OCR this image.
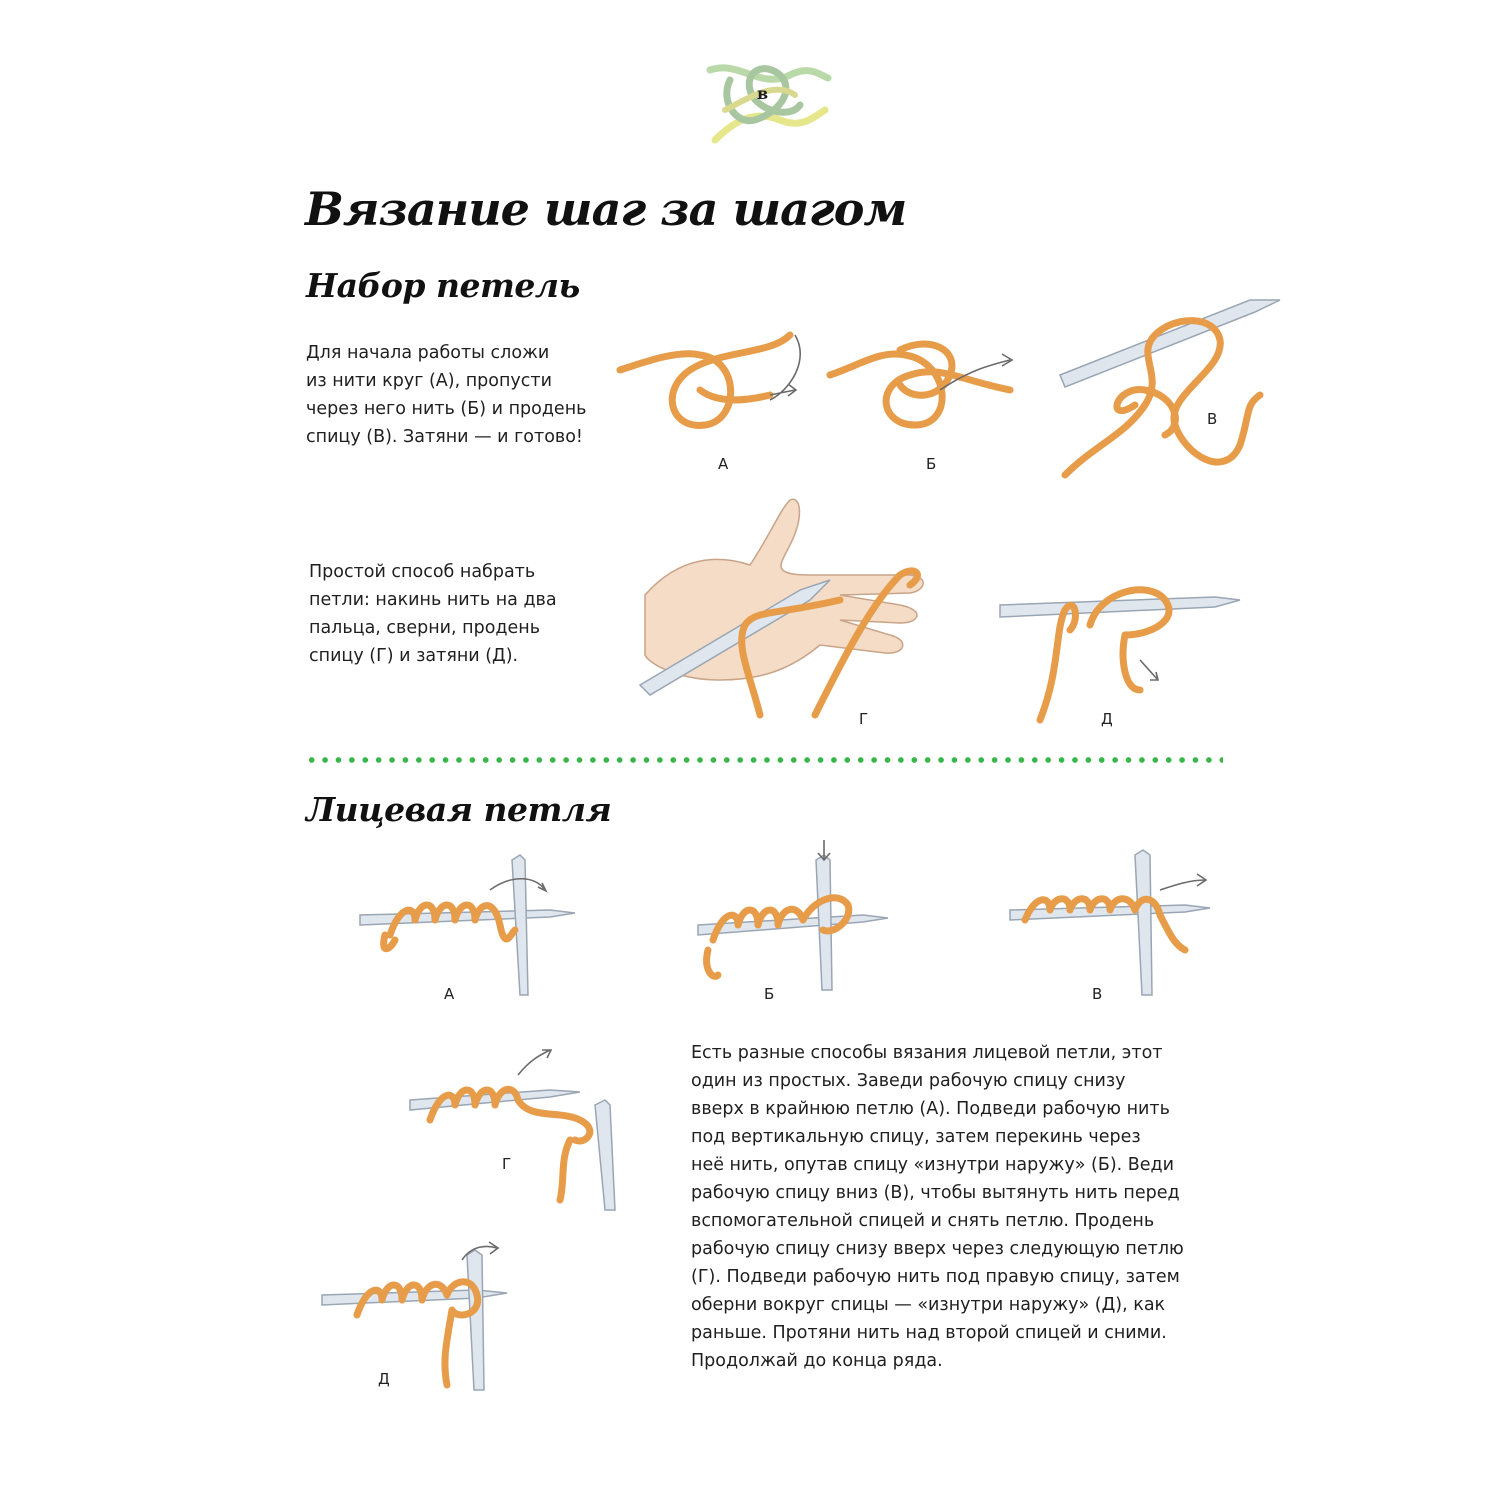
в
Вязание шаг за шагом
Набор петель
Для начала работы сложи
из нити круг (А), пропусти
через него нить (Б) и продень
спицу (В). Затяни — и готово!
А	Б
В
Простой способ набрать
петли: накинь нить на два
пальца, сверни, продень
спицу (Г) и затяни (Д).
Г	Д
Лицевая петля
А	Б	В
Г
Д
Есть разные способы вязания лицевой петли, этот
один из простых. Заведи рабочую спицу снизу
вверх в крайнюю петлю (А). Подведи рабочую нить
под вертикальную спицу, затем перекинь через
неё нить, опутав спицу «изнутри наружу» (Б). Веди
рабочую спицу вниз (В), чтобы вытянуть нить перед
вспомогательной спицей и снять петлю. Продень
рабочую спицу снизу вверх через следующую петлю
(Г). Подведи рабочую нить под правую спицу, затем
оберни вокруг спицы — «изнутри наружу» (Д), как
раньше. Протяни нить над второй спицей и сними.
Продолжай до конца ряда.
